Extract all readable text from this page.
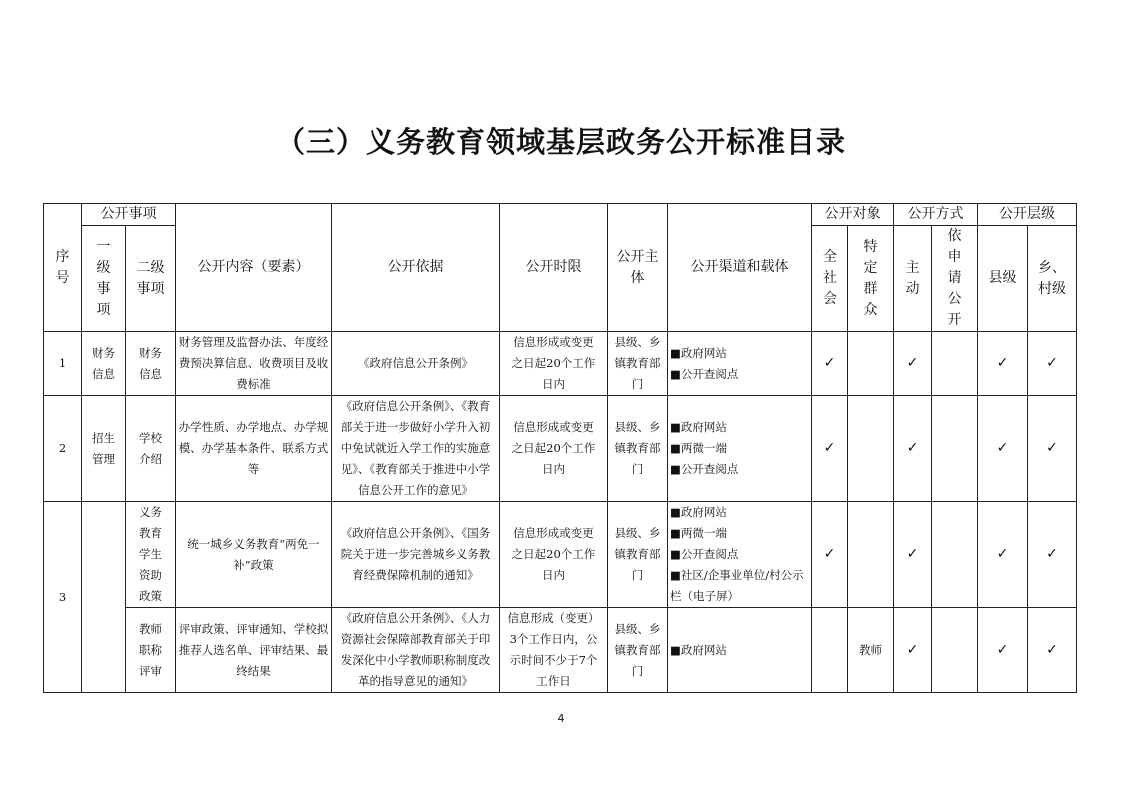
（三）义务教育领域基层政务公开标准目录
序号	公开事项		公开内容（要素）	公开依据	公开时限	公开主体	公开渠道和载体	公开对象		公开方式		公开层级	
	一级事项	二级事项						全社会	特定群众	主动	依申请公开	县级	乡、村级
1	财务信息	财务信息	财务管理及监督办法、年度经费预决算信息、收费项目及收费标准	《政府信息公开条例》	信息形成或变更之日起20个工作日内	县级、乡镇教育部门	■政府网站
■公开查阅点	✓		✓		✓	✓
2	招生管理	学校介绍	办学性质、办学地点、办学规模、办学基本条件、联系方式等	《政府信息公开条例》、《教育部关于进一步做好小学升入初中免试就近入学工作的实施意见》、《教育部关于推进中小学信息公开工作的意见》	信息形成或变更之日起20个工作日内	县级、乡镇教育部门	■政府网站
■两微一端
■公开查阅点	✓		✓		✓	✓
3		义务教育学生资助政策	统一城乡义务教育“两免一补”政策	《政府信息公开条例》、《国务院关于进一步完善城乡义务教育经费保障机制的通知》	信息形成或变更之日起20个工作日内	县级、乡镇教育部门	■政府网站
■两微一端
■公开查阅点
■社区/企事业单位/村公示栏（电子屏）	✓		✓		✓	✓
		教师职称评审	评审政策、评审通知、学校拟推荐人选名单、评审结果、最终结果	《政府信息公开条例》、《人力资源社会保障部教育部关于印发深化中小学教师职称制度改革的指导意见的通知》	信息形成（变更）3个工作日内，公示时间不少于7个工作日	县级、乡镇教育部门	■政府网站		教师	✓		✓	✓
4
